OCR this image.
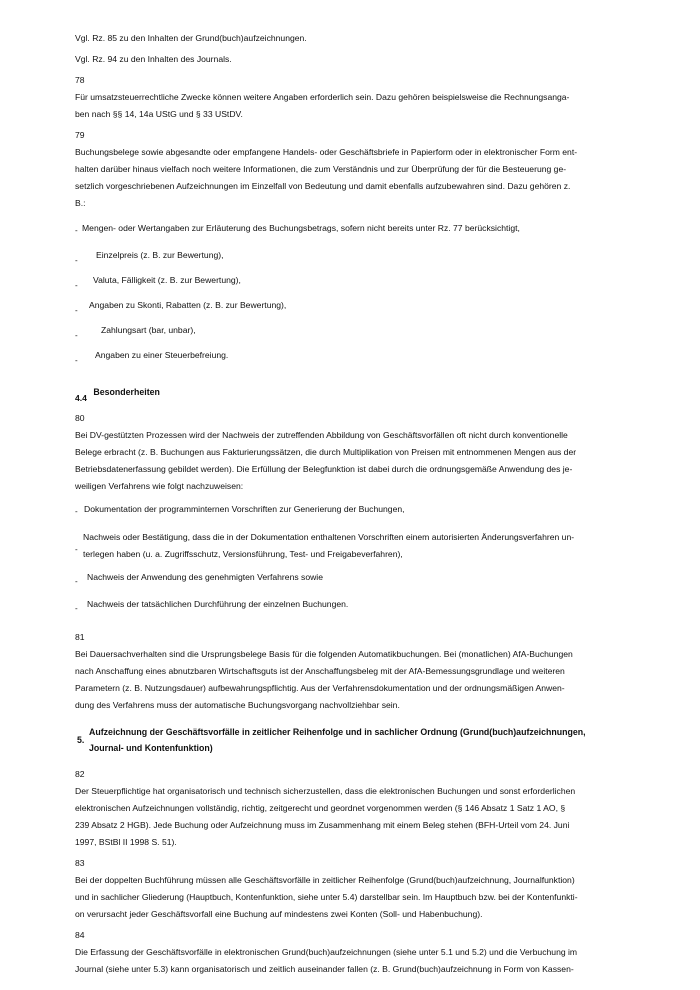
Vgl. Rz. 85 zu den Inhalten der Grund(buch)aufzeichnungen.
Vgl. Rz. 94 zu den Inhalten des Journals.
78
Für umsatzsteuerrechtliche Zwecke können weitere Angaben erforderlich sein. Dazu gehören beispielsweise die Rechnungsanga-
ben nach §§ 14, 14a UStG und § 33 UStDV.
79
Buchungsbelege sowie abgesandte oder empfangene Handels- oder Geschäftsbriefe in Papierform oder in elektronischer Form ent-
halten darüber hinaus vielfach noch weitere Informationen, die zum Verständnis und zur Überprüfung der für die Besteuerung ge-
setzlich vorgeschriebenen Aufzeichnungen im Einzelfall von Bedeutung und damit ebenfalls aufzubewahren sind. Dazu gehören z.
B.:
- Mengen- oder Wertangaben zur Erläuterung des Buchungsbetrags, sofern nicht bereits unter Rz. 77 berücksichtigt,
-
Einzelpreis (z. B. zur Bewertung),
-
Valuta, Fälligkeit (z. B. zur Bewertung),
-
Angaben zu Skonti, Rabatten (z. B. zur Bewertung),
-
Zahlungsart (bar, unbar),
-
Angaben zu einer Steuerbefreiung.
4.4 Besonderheiten
80
Bei DV-gestützten Prozessen wird der Nachweis der zutreffenden Abbildung von Geschäftsvorfällen oft nicht durch konventionelle
Belege erbracht (z. B. Buchungen aus Fakturierungssätzen, die durch Multiplikation von Preisen mit entnommenen Mengen aus der
Betriebsdatenerfassung gebildet werden). Die Erfüllung der Belegfunktion ist dabei durch die ordnungsgemäße Anwendung des je-
weiligen Verfahrens wie folgt nachzuweisen:
- Dokumentation der programminternen Vorschriften zur Generierung der Buchungen,
-
Nachweis oder Bestätigung, dass die in der Dokumentation enthaltenen Vorschriften einem autorisierten Änderungsverfahren un-
terlegen haben (u. a. Zugriffsschutz, Versionsführung, Test- und Freigabeverfahren),
- Nachweis der Anwendung des genehmigten Verfahrens sowie
- Nachweis der tatsächlichen Durchführung der einzelnen Buchungen.
81
Bei Dauersachverhalten sind die Ursprungsbelege Basis für die folgenden Automatikbuchungen. Bei (monatlichen) AfA-Buchungen
nach Anschaffung eines abnutzbaren Wirtschaftsguts ist der Anschaffungsbeleg mit der AfA-Bemessungsgrundlage und weiteren
Parametern (z. B. Nutzungsdauer) aufbewahrungspflichtig. Aus der Verfahrensdokumentation und der ordnungsmäßigen Anwen-
dung des Verfahrens muss der automatische Buchungsvorgang nachvollziehbar sein.
5.
Aufzeichnung der Geschäftsvorfälle in zeitlicher Reihenfolge und in sachlicher Ordnung (Grund(buch)aufzeichnungen,
Journal- und Kontenfunktion)
82
Der Steuerpflichtige hat organisatorisch und technisch sicherzustellen, dass die elektronischen Buchungen und sonst erforderlichen
elektronischen Aufzeichnungen vollständig, richtig, zeitgerecht und geordnet vorgenommen werden (§ 146 Absatz 1 Satz 1 AO, §
239 Absatz 2 HGB). Jede Buchung oder Aufzeichnung muss im Zusammenhang mit einem Beleg stehen (BFH-Urteil vom 24. Juni
1997, BStBl II 1998 S. 51).
83
Bei der doppelten Buchführung müssen alle Geschäftsvorfälle in zeitlicher Reihenfolge (Grund(buch)aufzeichnung, Journalfunktion)
und in sachlicher Gliederung (Hauptbuch, Kontenfunktion, siehe unter 5.4) darstellbar sein. Im Hauptbuch bzw. bei der Kontenfunkti-
on verursacht jeder Geschäftsvorfall eine Buchung auf mindestens zwei Konten (Soll- und Habenbuchung).
84
Die Erfassung der Geschäftsvorfälle in elektronischen Grund(buch)aufzeichnungen (siehe unter 5.1 und 5.2) und die Verbuchung im
Journal (siehe unter 5.3) kann organisatorisch und zeitlich auseinander fallen (z. B. Grund(buch)aufzeichnung in Form von Kassen-
